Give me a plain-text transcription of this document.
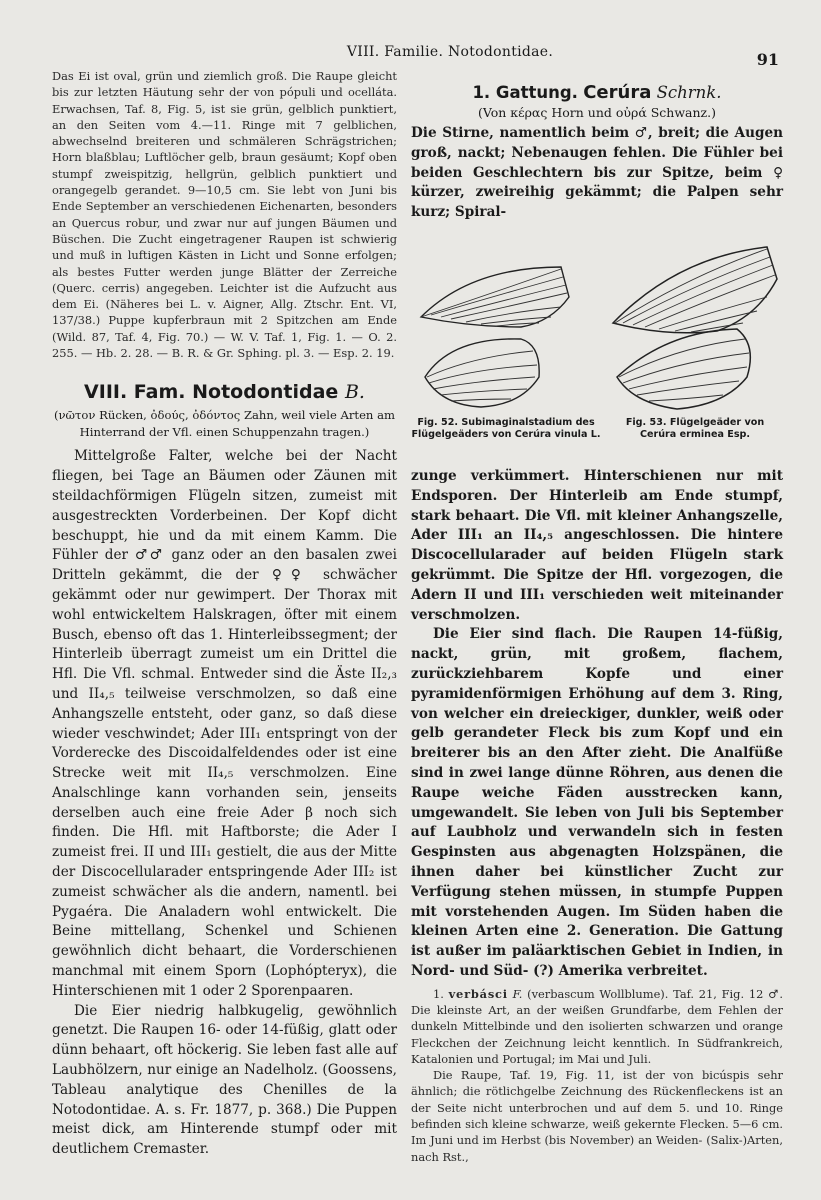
VIII. Familie. Notodontidae.	91

Das Ei ist oval, grün und ziemlich groß. Die Raupe gleicht bis zur letzten Häutung sehr der von pópuli und ocelláta. Erwachsen, Taf. 8, Fig. 5, ist sie grün, gelblich punktiert, an den Seiten vom 4.—11. Ringe mit 7 gelblichen, abwechselnd breiteren und schmäleren Schrägstrichen; Horn blaßblau; Luftlöcher gelb, braun gesäumt; Kopf oben stumpf zweispitzig, hellgrün, gelblich punktiert und orangegelb gerandet. 9—10,5 cm. Sie lebt von Juni bis Ende September an verschiedenen Eichenarten, besonders an Quercus robur, und zwar nur auf jungen Bäumen und Büschen. Die Zucht eingetragener Raupen ist schwierig und muß in luftigen Kästen in Licht und Sonne erfolgen; als bestes Futter werden junge Blätter der Zerreiche (Querc. cerris) angegeben. Leichter ist die Aufzucht aus dem Ei. (Näheres bei L. v. Aigner, Allg. Ztschr. Ent. VI, 137/38.) Puppe kupferbraun mit 2 Spitzchen am Ende (Wild. 87, Taf. 4, Fig. 70.) — W. V. Taf. 1, Fig. 1. — O. 2. 255. — Hb. 2. 28. — B. R. & Gr. Sphing. pl. 3. — Esp. 2. 19.

VIII. Fam. Notodontidae B.

(νῶτον Rücken, ὀδούς, ὀδόντος Zahn, weil viele Arten am Hinterrand der Vfl. einen Schuppenzahn tragen.)

Mittelgroße Falter, welche bei der Nacht fliegen, bei Tage an Bäumen oder Zäunen mit steildachförmigen Flügeln sitzen, zumeist mit ausgestreckten Vorderbeinen. Der Kopf dicht beschuppt, hie und da mit einem Kamm. Die Fühler der ♂♂ ganz oder an den basalen zwei Dritteln gekämmt, die der ♀♀ schwächer gekämmt oder nur gewimpert. Der Thorax mit wohl entwickeltem Halskragen, öfter mit einem Busch, ebenso oft das 1. Hinterleibssegment; der Hinterleib überragt zumeist um ein Drittel die Hfl. Die Vfl. schmal. Entweder sind die Äste II₂,₃ und II₄,₅ teilweise verschmolzen, so daß eine Anhangszelle entsteht, oder ganz, so daß diese wieder veschwindet; Ader III₁ entspringt von der Vorderecke des Discoidalfeldendes oder ist eine Strecke weit mit II₄,₅ verschmolzen. Eine Analschlinge kann vorhanden sein, jenseits derselben auch eine freie Ader β noch sich finden. Die Hfl. mit Haftborste; die Ader I zumeist frei. II und III₁ gestielt, die aus der Mitte der Discocellularader entspringende Ader III₂ ist zumeist schwächer als die andern, namentl. bei Pygaéra. Die Analadern wohl entwickelt. Die Beine mittellang, Schenkel und Schienen gewöhnlich dicht behaart, die Vorderschienen manchmal mit einem Sporn (Lophópteryx), die Hinterschienen mit 1 oder 2 Sporenpaaren.

Die Eier niedrig halbkugelig, gewöhnlich genetzt. Die Raupen 16- oder 14-füßig, glatt oder dünn behaart, oft höckerig. Sie leben fast alle auf Laubhölzern, nur einige an Nadelholz. (Goossens, Tableau analytique des Chenilles de la Notodontidae. A. s. Fr. 1877, p. 368.) Die Puppen meist dick, am Hinterende stumpf oder mit deutlichem Cremaster.

1. Gattung. Cerúra Schrnk.
(Von κέρας Horn und οὐρά Schwanz.)

Die Stirne, namentlich beim ♂, breit; die Augen groß, nackt; Nebenaugen fehlen. Die Fühler bei beiden Geschlechtern bis zur Spitze, beim ♀ kürzer, zweireihig gekämmt; die Palpen sehr kurz; Spiral-

Fig. 52. Subimaginalstadium des Flügelgeäders von Cerúra vinula L.
Fig. 53. Flügelgeäder von Cerúra erminea Esp.

zunge verkümmert. Hinterschienen nur mit Endsporen. Der Hinterleib am Ende stumpf, stark behaart. Die Vfl. mit kleiner Anhangszelle, Ader III₁ an II₄,₅ angeschlossen. Die hintere Discocellularader auf beiden Flügeln stark gekrümmt. Die Spitze der Hfl. vorgezogen, die Adern II und III₁ verschieden weit miteinander verschmolzen.

Die Eier sind flach. Die Raupen 14-füßig, nackt, grün, mit großem, flachem, zurückziehbarem Kopfe und einer pyramidenförmigen Erhöhung auf dem 3. Ring, von welcher ein dreieckiger, dunkler, weiß oder gelb gerandeter Fleck bis zum Kopf und ein breiterer bis an den After zieht. Die Analfüße sind in zwei lange dünne Röhren, aus denen die Raupe weiche Fäden ausstrecken kann, umgewandelt. Sie leben von Juli bis September auf Laubholz und verwandeln sich in festen Gespinsten aus abgenagten Holzspänen, die ihnen daher bei künstlicher Zucht zur Verfügung stehen müssen, in stumpfe Puppen mit vorstehenden Augen. Im Süden haben die kleinen Arten eine 2. Generation. Die Gattung ist außer im paläarktischen Gebiet in Indien, in Nord- und Süd- (?) Amerika verbreitet.

1. verbásci F. (verbascum Wollblume). Taf. 21, Fig. 12 ♂. Die kleinste Art, an der weißen Grundfarbe, dem Fehlen der dunkeln Mittelbinde und den isolierten schwarzen und orange Fleckchen der Zeichnung leicht kenntlich. In Südfrankreich, Katalonien und Portugal; im Mai und Juli.

Die Raupe, Taf. 19, Fig. 11, ist der von bicúspis sehr ähnlich; die rötlichgelbe Zeichnung des Rückenfleckens ist an der Seite nicht unterbrochen und auf dem 5. und 10. Ringe befinden sich kleine schwarze, weiß gekernte Flecken. 5—6 cm. Im Juni und im Herbst (bis November) an Weiden- (Salix-)Arten, nach Rst.,
